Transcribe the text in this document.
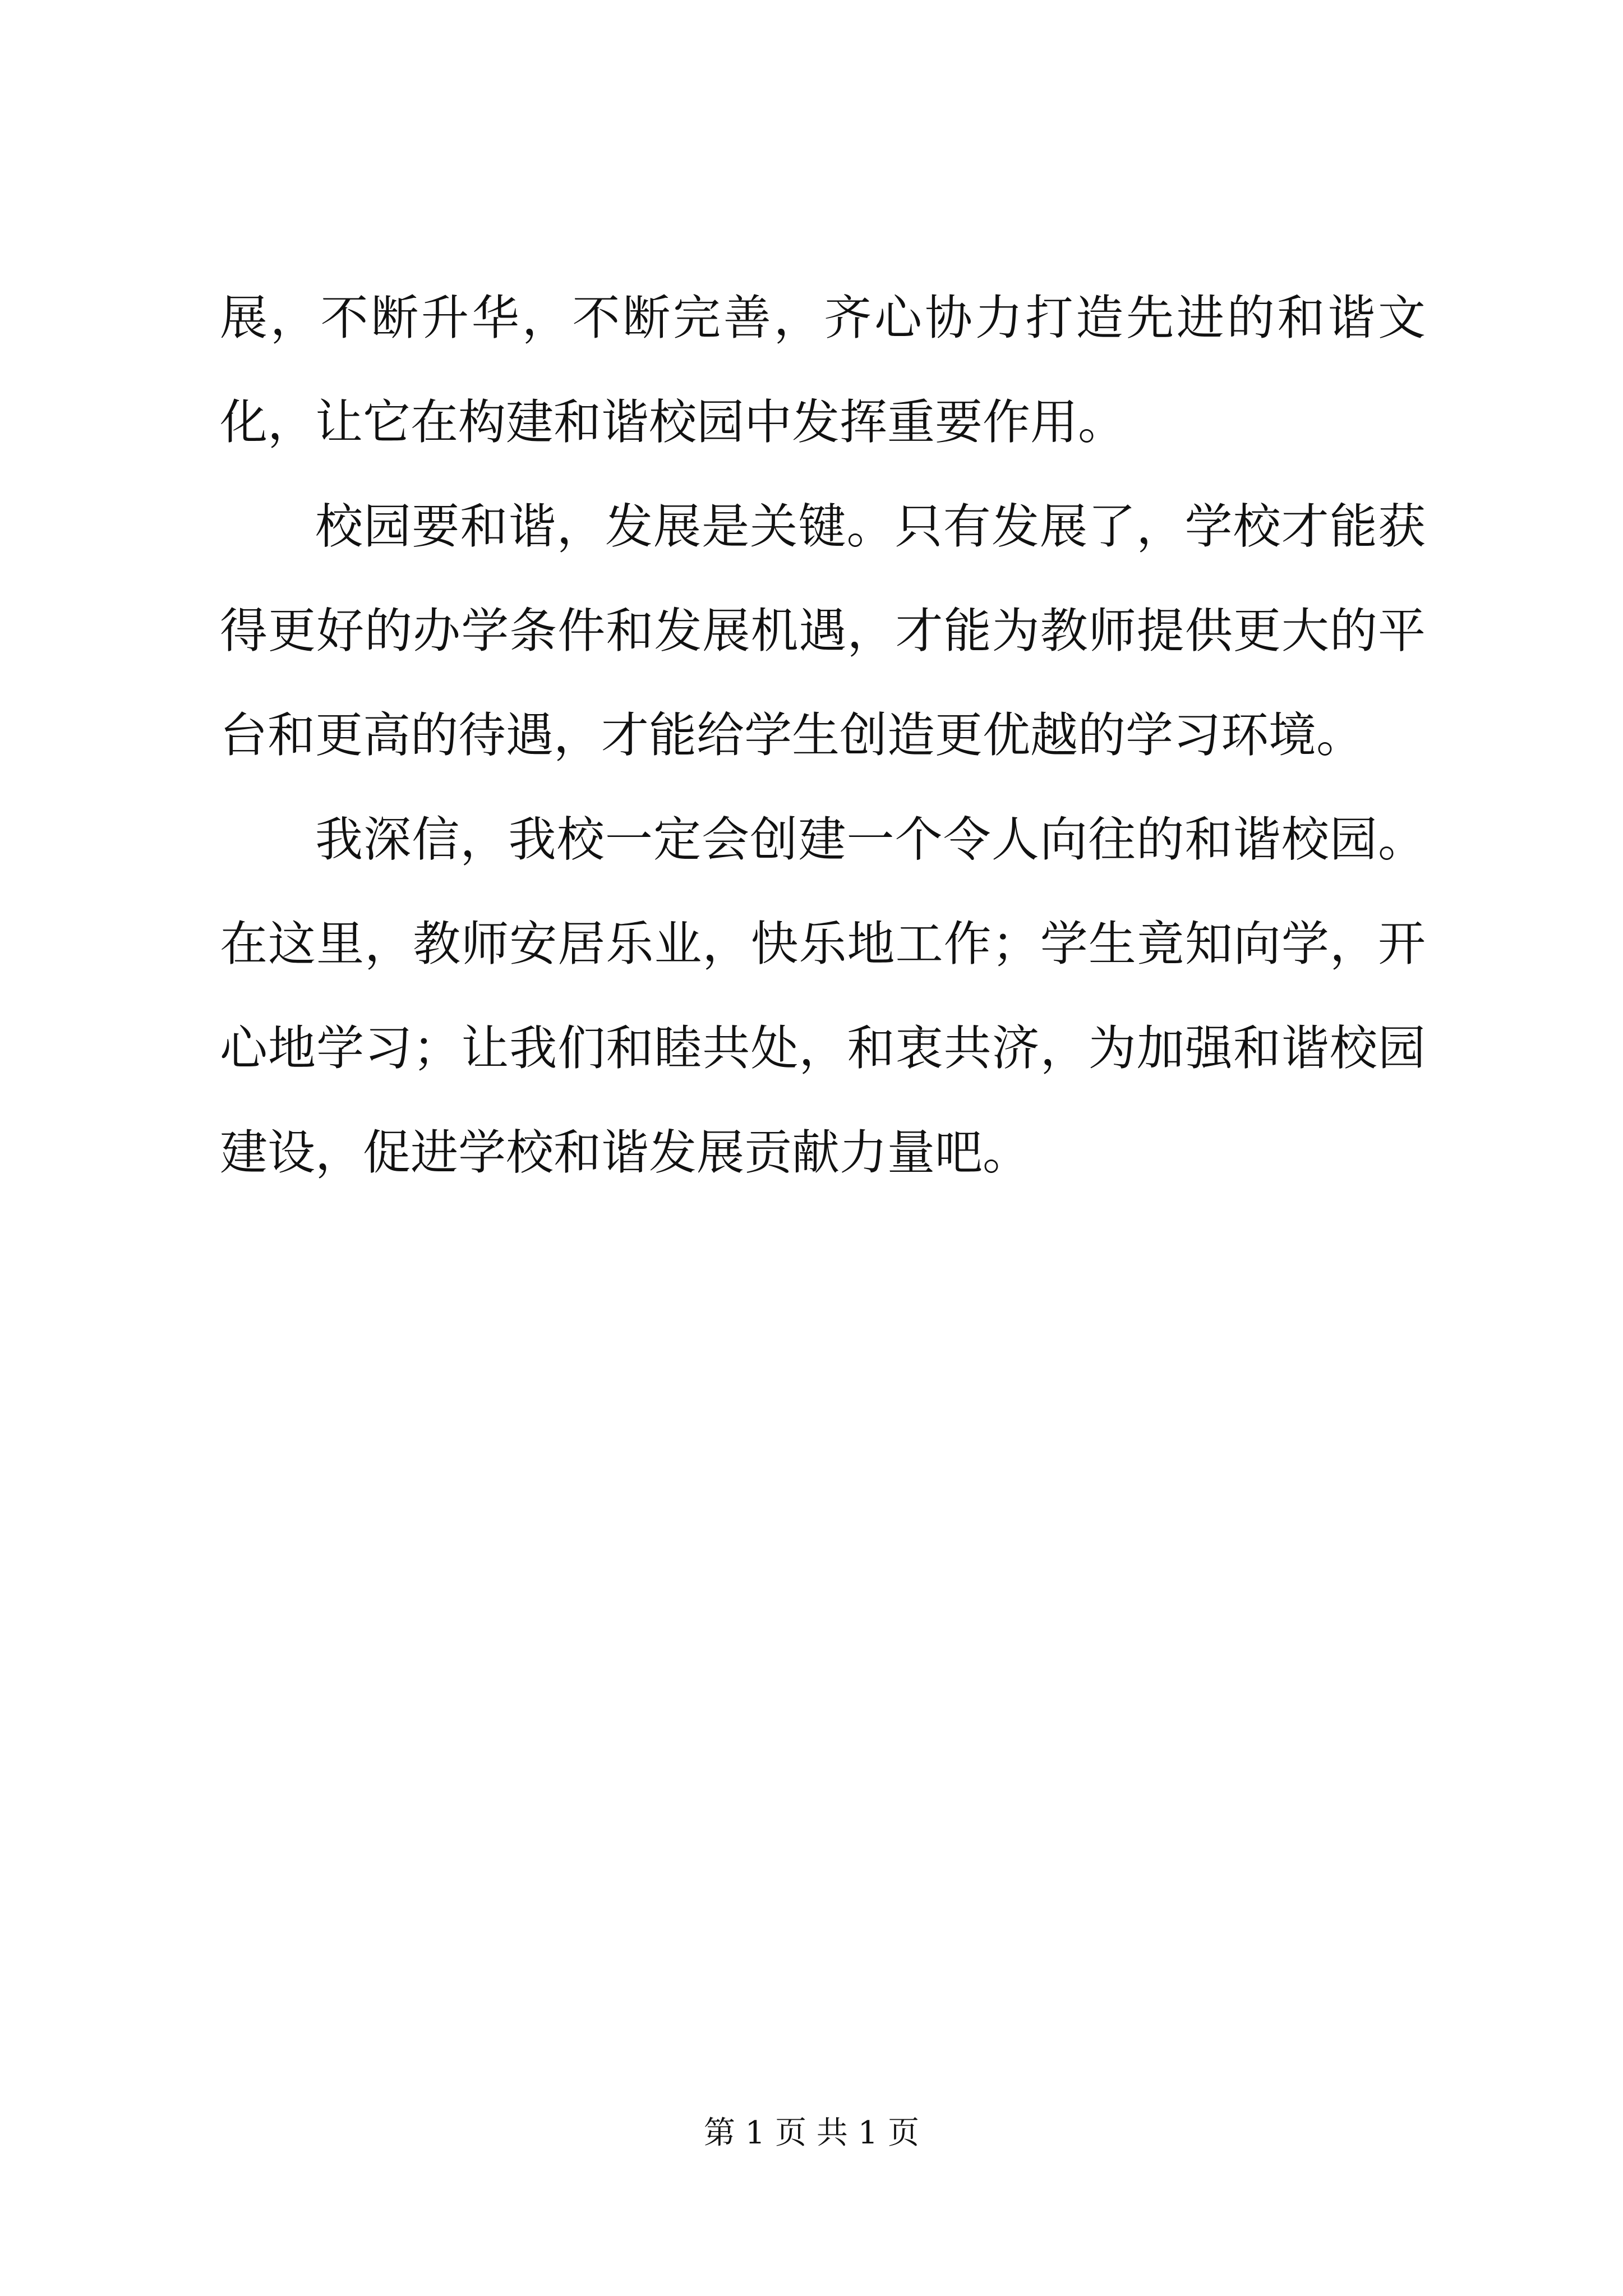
展，不断升华，不断完善，齐心协力打造先进的和谐文化，让它在构建和谐校园中发挥重要作用。

校园要和谐，发展是关键。只有发展了，学校才能获得更好的办学条件和发展机遇，才能为教师提供更大的平台和更高的待遇，才能给学生创造更优越的学习环境。

我深信，我校一定会创建一个令人向往的和谐校园。在这里，教师安居乐业，快乐地工作；学生竟知向学，开心地学习；让我们和睦共处，和衷共济，为加强和谐校园建设，促进学校和谐发展贡献力量吧。

第 1 页 共 1 页
